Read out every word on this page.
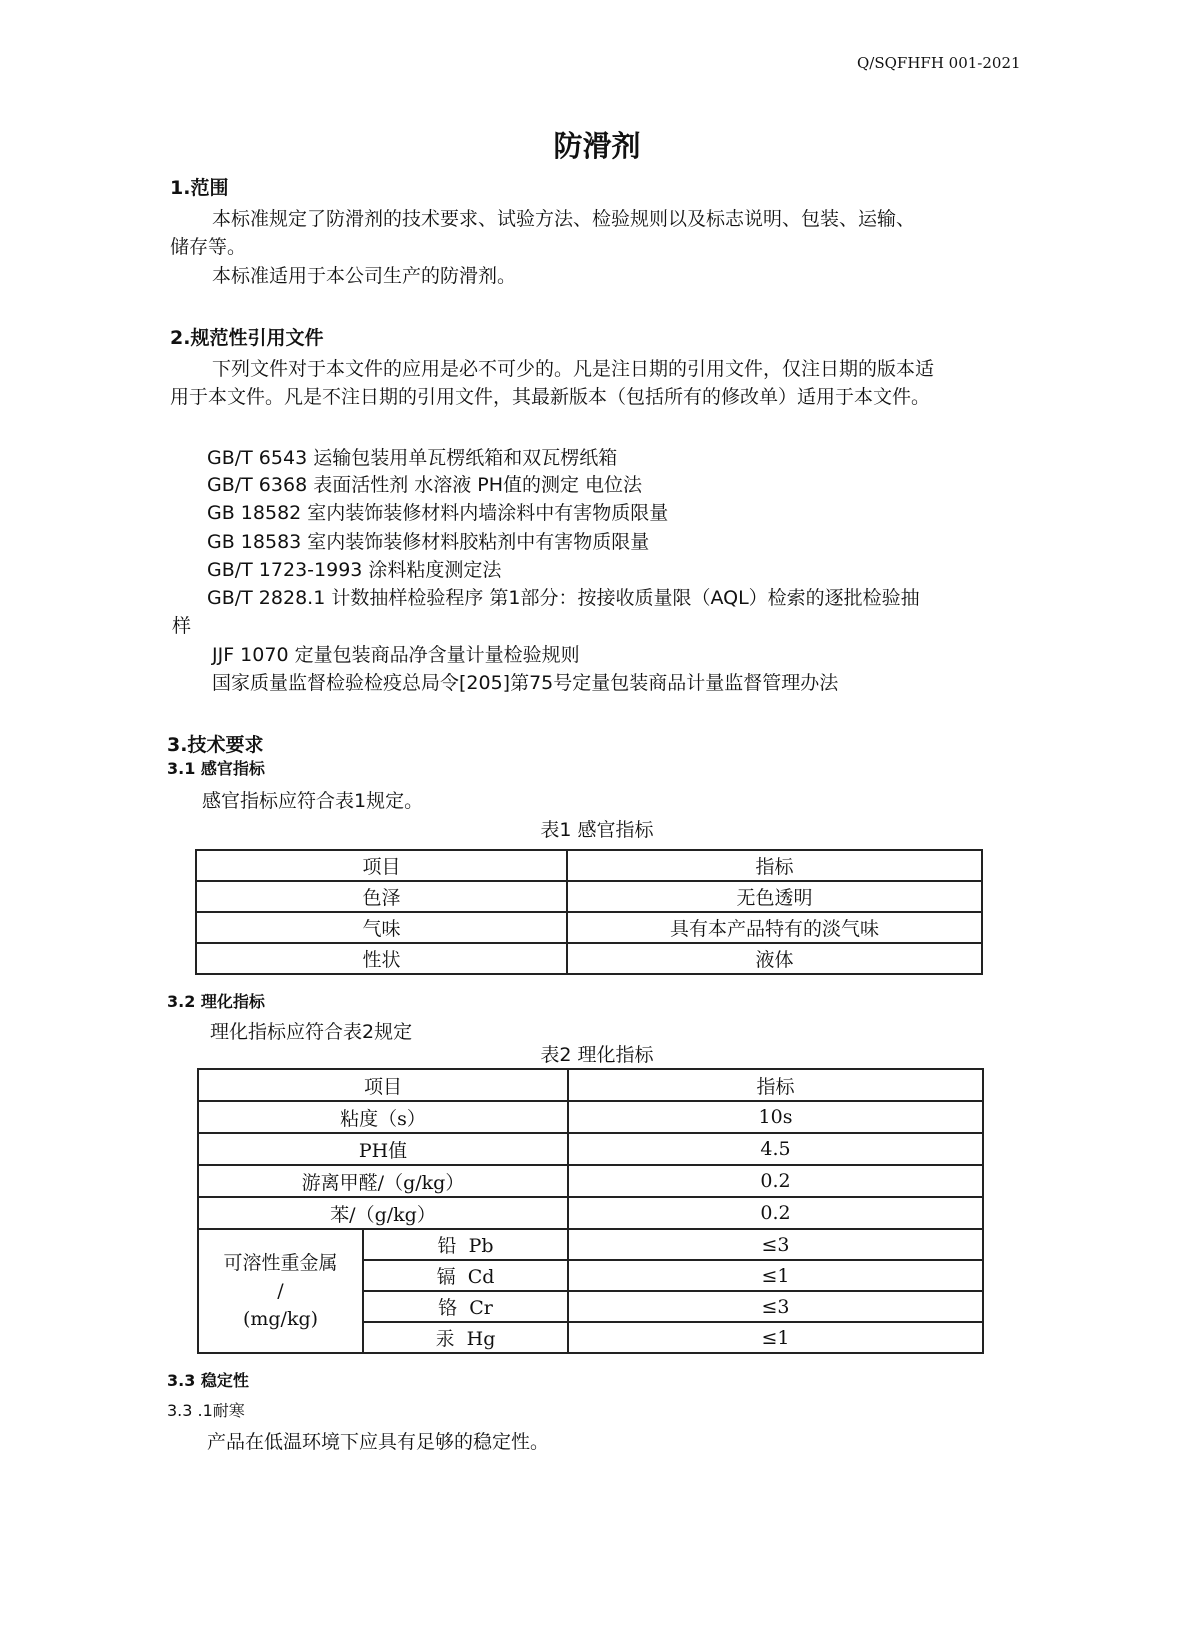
Q/SQFHFH 001-2021
防滑剂
1.范围
本标准规定了防滑剂的技术要求、试验方法、检验规则以及标志说明、包装、运输、
储存等。
本标准适用于本公司生产的防滑剂。
2.规范性引用文件
下列文件对于本文件的应用是必不可少的。凡是注日期的引用文件，仅注日期的版本适
用于本文件。凡是不注日期的引用文件，其最新版本（包括所有的修改单）适用于本文件。
GB/T 6543 运输包装用单瓦楞纸箱和双瓦楞纸箱
GB/T 6368 表面活性剂 水溶液 PH值的测定 电位法
GB 18582 室内装饰装修材料内墙涂料中有害物质限量
GB 18583 室内装饰装修材料胶粘剂中有害物质限量
GB/T 1723-1993 涂料粘度测定法
GB/T 2828.1 计数抽样检验程序 第1部分：按接收质量限（AQL）检索的逐批检验抽
样
JJF 1070 定量包装商品净含量计量检验规则
国家质量监督检验检疫总局令[205]第75号定量包装商品计量监督管理办法
3.技术要求
3.1 感官指标
感官指标应符合表1规定。
表1 感官指标
项目	指标
色泽	无色透明
气味	具有本产品特有的淡气味
性状	液体
3.2 理化指标
理化指标应符合表2规定
表2 理化指标
项目		指标
粘度（s）		10s
PH值		4.5
游离甲醛/（g/kg）		0.2
苯/（g/kg）		0.2

可溶性重金属
/
(mg/kg)	铅  Pb	≤3
	镉  Cd	≤1
	铬  Cr	≤3
	汞  Hg	≤1
3.3 稳定性
3.3 .1耐寒
产品在低温环境下应具有足够的稳定性。
